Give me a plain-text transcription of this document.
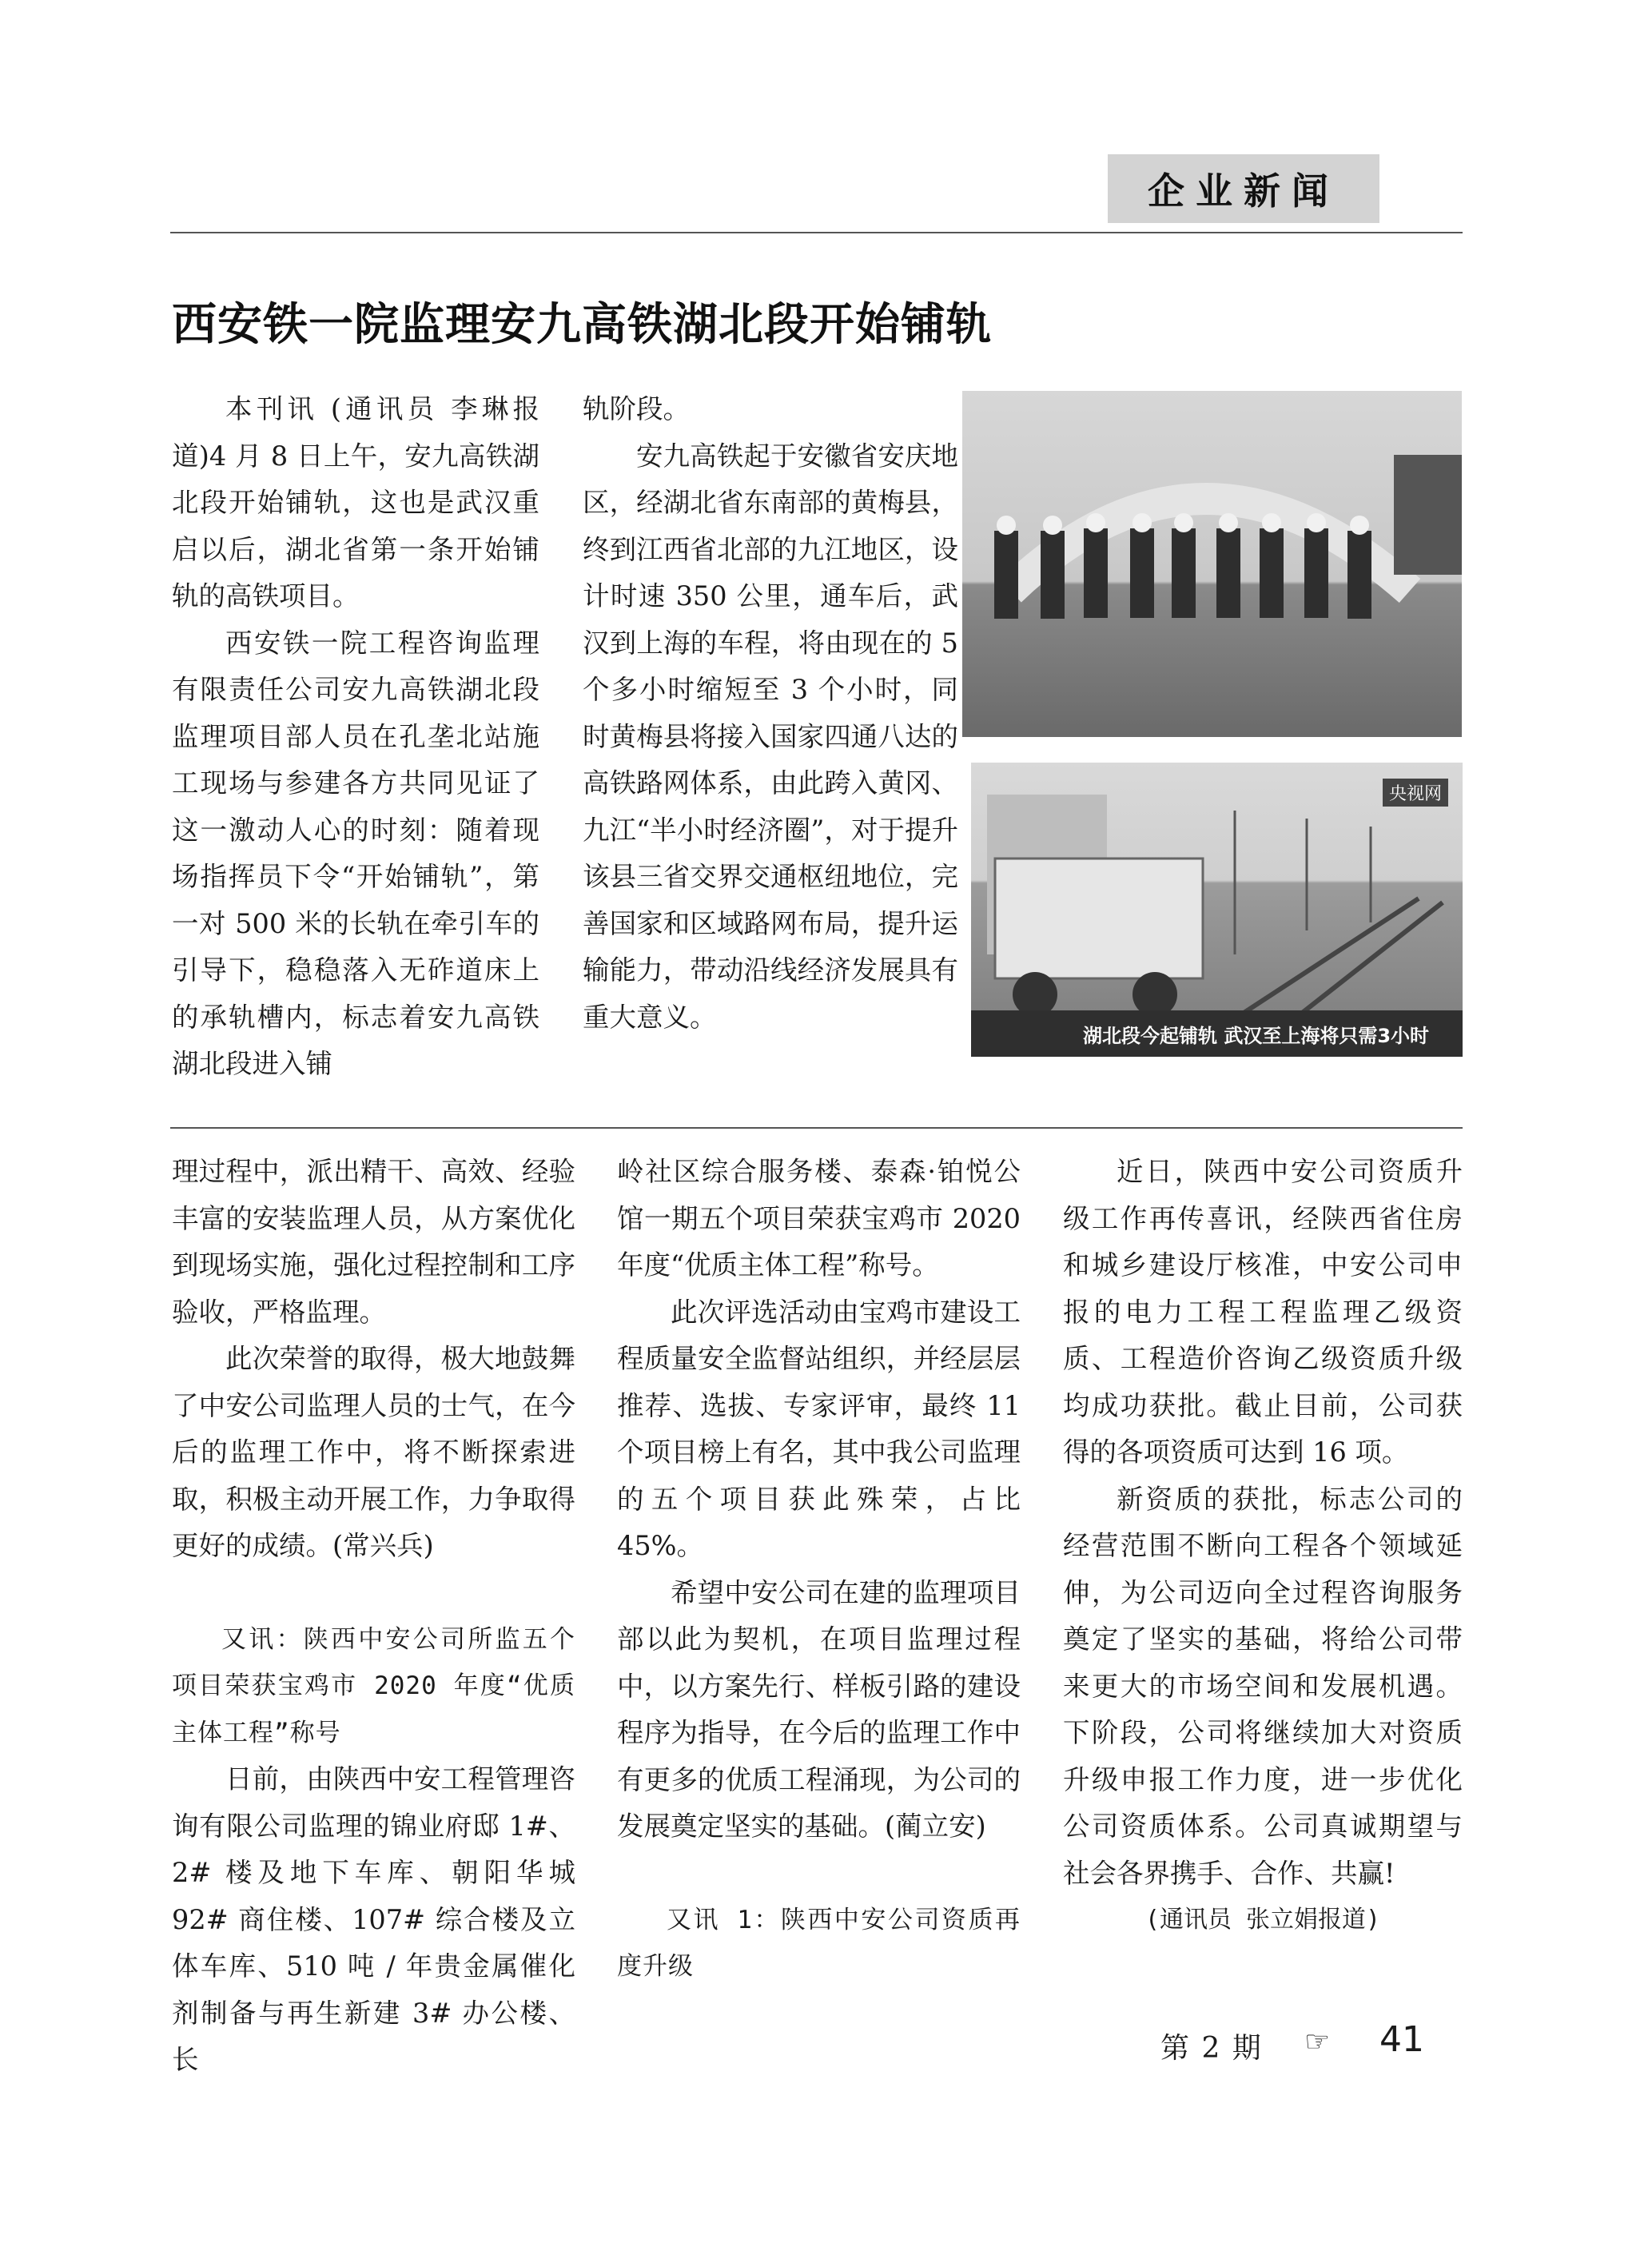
企业新闻
西安铁一院监理安九高铁湖北段开始铺轨

本刊讯 (通讯员 李琳报道)4 月 8 日上午，安九高铁湖北段开始铺轨，这也是武汉重启以后，湖北省第一条开始铺轨的高铁项目。

西安铁一院工程咨询监理有限责任公司安九高铁湖北段监理项目部人员在孔垄北站施工现场与参建各方共同见证了这一激动人心的时刻：随着现场指挥员下令“开始铺轨”，第一对 500 米的长轨在牵引车的引导下，稳稳落入无砟道床上的承轨槽内，标志着安九高铁湖北段进入铺

轨阶段。

安九高铁起于安徽省安庆地区，经湖北省东南部的黄梅县，终到江西省北部的九江地区，设计时速 350 公里，通车后，武汉到上海的车程，将由现在的 5 个多小时缩短至 3 个小时，同时黄梅县将接入国家四通八达的高铁路网体系，由此跨入黄冈、九江“半小时经济圈”，对于提升该县三省交界交通枢纽地位，完善国家和区域路网布局，提升运输能力，带动沿线经济发展具有重大意义。

央视网
湖北段今起铺轨 武汉至上海将只需3小时

理过程中，派出精干、高效、经验丰富的安装监理人员，从方案优化到现场实施，强化过程控制和工序验收，严格监理。

此次荣誉的取得，极大地鼓舞了中安公司监理人员的士气，在今后的监理工作中，将不断探索进取，积极主动开展工作，力争取得更好的成绩。(常兴兵)

又讯：陕西中安公司所监五个项目荣获宝鸡市 2020 年度“优质主体工程”称号

日前，由陕西中安工程管理咨询有限公司监理的锦业府邸 1#、2# 楼及地下车库、朝阳华城 92# 商住楼、107# 综合楼及立体车库、510 吨 / 年贵金属催化剂制备与再生新建 3# 办公楼、长

岭社区综合服务楼、泰森·铂悦公馆一期五个项目荣获宝鸡市 2020 年度“优质主体工程”称号。

此次评选活动由宝鸡市建设工程质量安全监督站组织，并经层层推荐、选拔、专家评审，最终 11 个项目榜上有名，其中我公司监理的五个项目获此殊荣，占比 45%。

希望中安公司在建的监理项目部以此为契机，在项目监理过程中，以方案先行、样板引路的建设程序为指导，在今后的监理工作中有更多的优质工程涌现，为公司的发展奠定坚实的基础。(蔺立安)

又讯 1：陕西中安公司资质再度升级

近日，陕西中安公司资质升级工作再传喜讯，经陕西省住房和城乡建设厅核准，中安公司申报的电力工程工程监理乙级资质、工程造价咨询乙级资质升级均成功获批。截止目前，公司获得的各项资质可达到 16 项。

新资质的获批，标志公司的经营范围不断向工程各个领域延伸，为公司迈向全过程咨询服务奠定了坚实的基础，将给公司带来更大的市场空间和发展机遇。下阶段，公司将继续加大对资质升级申报工作力度，进一步优化公司资质体系。公司真诚期望与社会各界携手、合作、共赢!

(通讯员 张立娟报道)

第 2 期 ☞ 41
